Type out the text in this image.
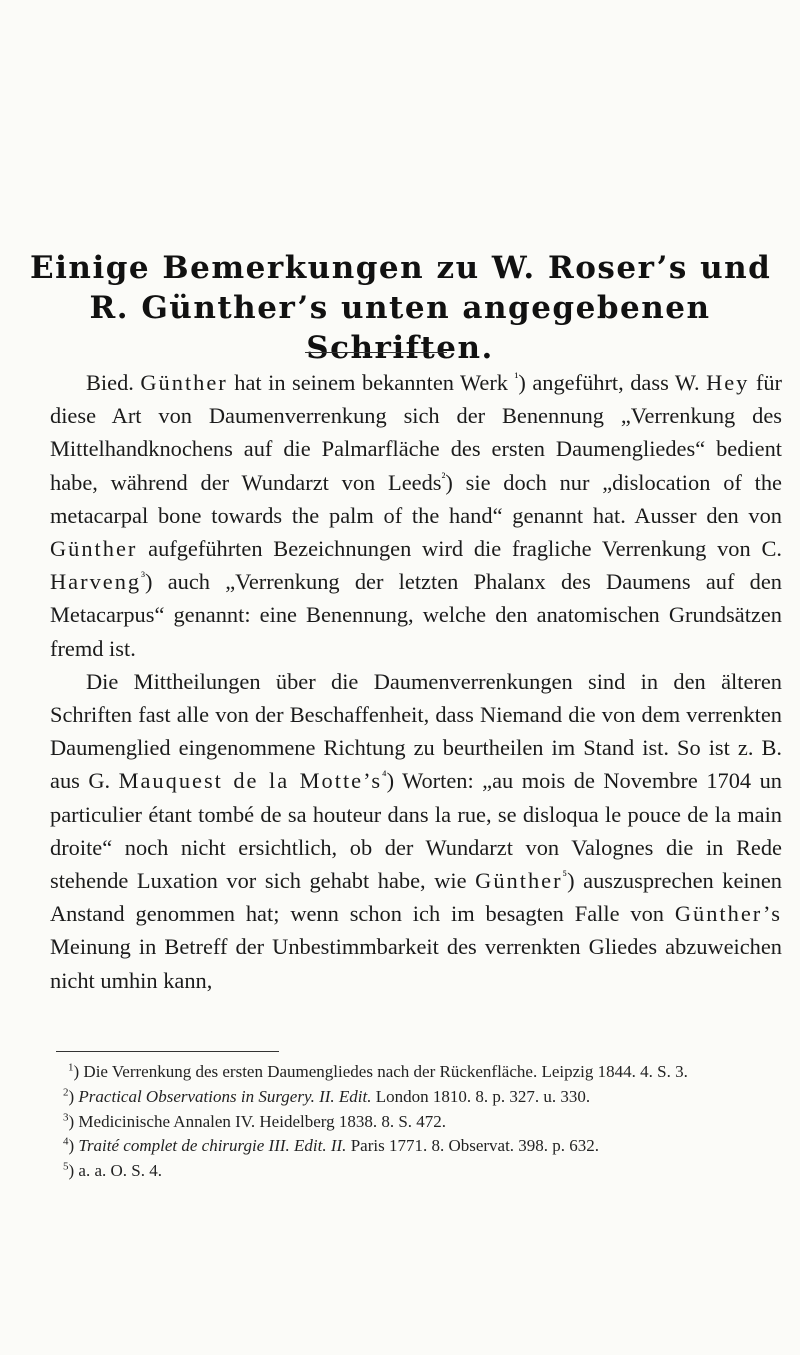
Einige Bemerkungen zu W. Roser’s und
R. Günther’s unten angegebenen
Schriften.

Bied. Günther hat in seinem bekannten Werk $^{^1}$) angeführt, dass W. Hey für diese Art von Daumenverrenkung sich der Benennung „Verrenkung des Mittelhandknochens auf die Palmarfläche des ersten Daumengliedes“ bedient habe, während der Wundarzt von Leeds$^{^2}$) sie doch nur „dislocation of the metacarpal bone towards the palm of the hand“ genannt hat. Ausser den von Günther aufgeführten Bezeichnungen wird die fragliche Verrenkung von C. Harveng$^{^3}$) auch „Verrenkung der letzten Phalanx des Daumens auf den Metacarpus“ genannt: eine Benennung, welche den anatomischen Grundsätzen fremd ist.

Die Mittheilungen über die Daumenverrenkungen sind in den älteren Schriften fast alle von der Beschaffenheit, dass Niemand die von dem verrenkten Daumenglied eingenommene Richtung zu beurtheilen im Stand ist. So ist z. B. aus G. Mauquest de la $Motte’s^{^4}$) Worten: „au mois de Novembre 1704 un particulier étant tombé de sa houteur dans la rue, se disloqua le pouce de la main droite“ noch nicht ersichtlich, ob der Wundarzt von Valognes die in Rede stehende Luxation vor sich gehabt habe, wie Günther$^{^5}$) auszusprechen keinen Anstand genommen hat; wenn schon ich im besagten Falle von Günther’s Meinung in Betreff der Unbestimmbarkeit des verrenkten Gliedes abzuweichen nicht umhin kann,

$^1$) Die Verrenkung des ersten Daumengliedes nach der Rückenfläche. Leipzig 1844. 4. S. 3.

 $^2$) Practical Observations in Surgery. II. Edit. London 1810. 8. p. 327. u. 330.

 $^3$) Medicinische Annalen IV. Heidelberg 1838. 8. S. 472.

 $^4$) Traité complet de chirurgie III. Edit. II. Paris 1771. 8. Observat. 398. p. 632.

 $^5$) a. a. O. S. 4.
